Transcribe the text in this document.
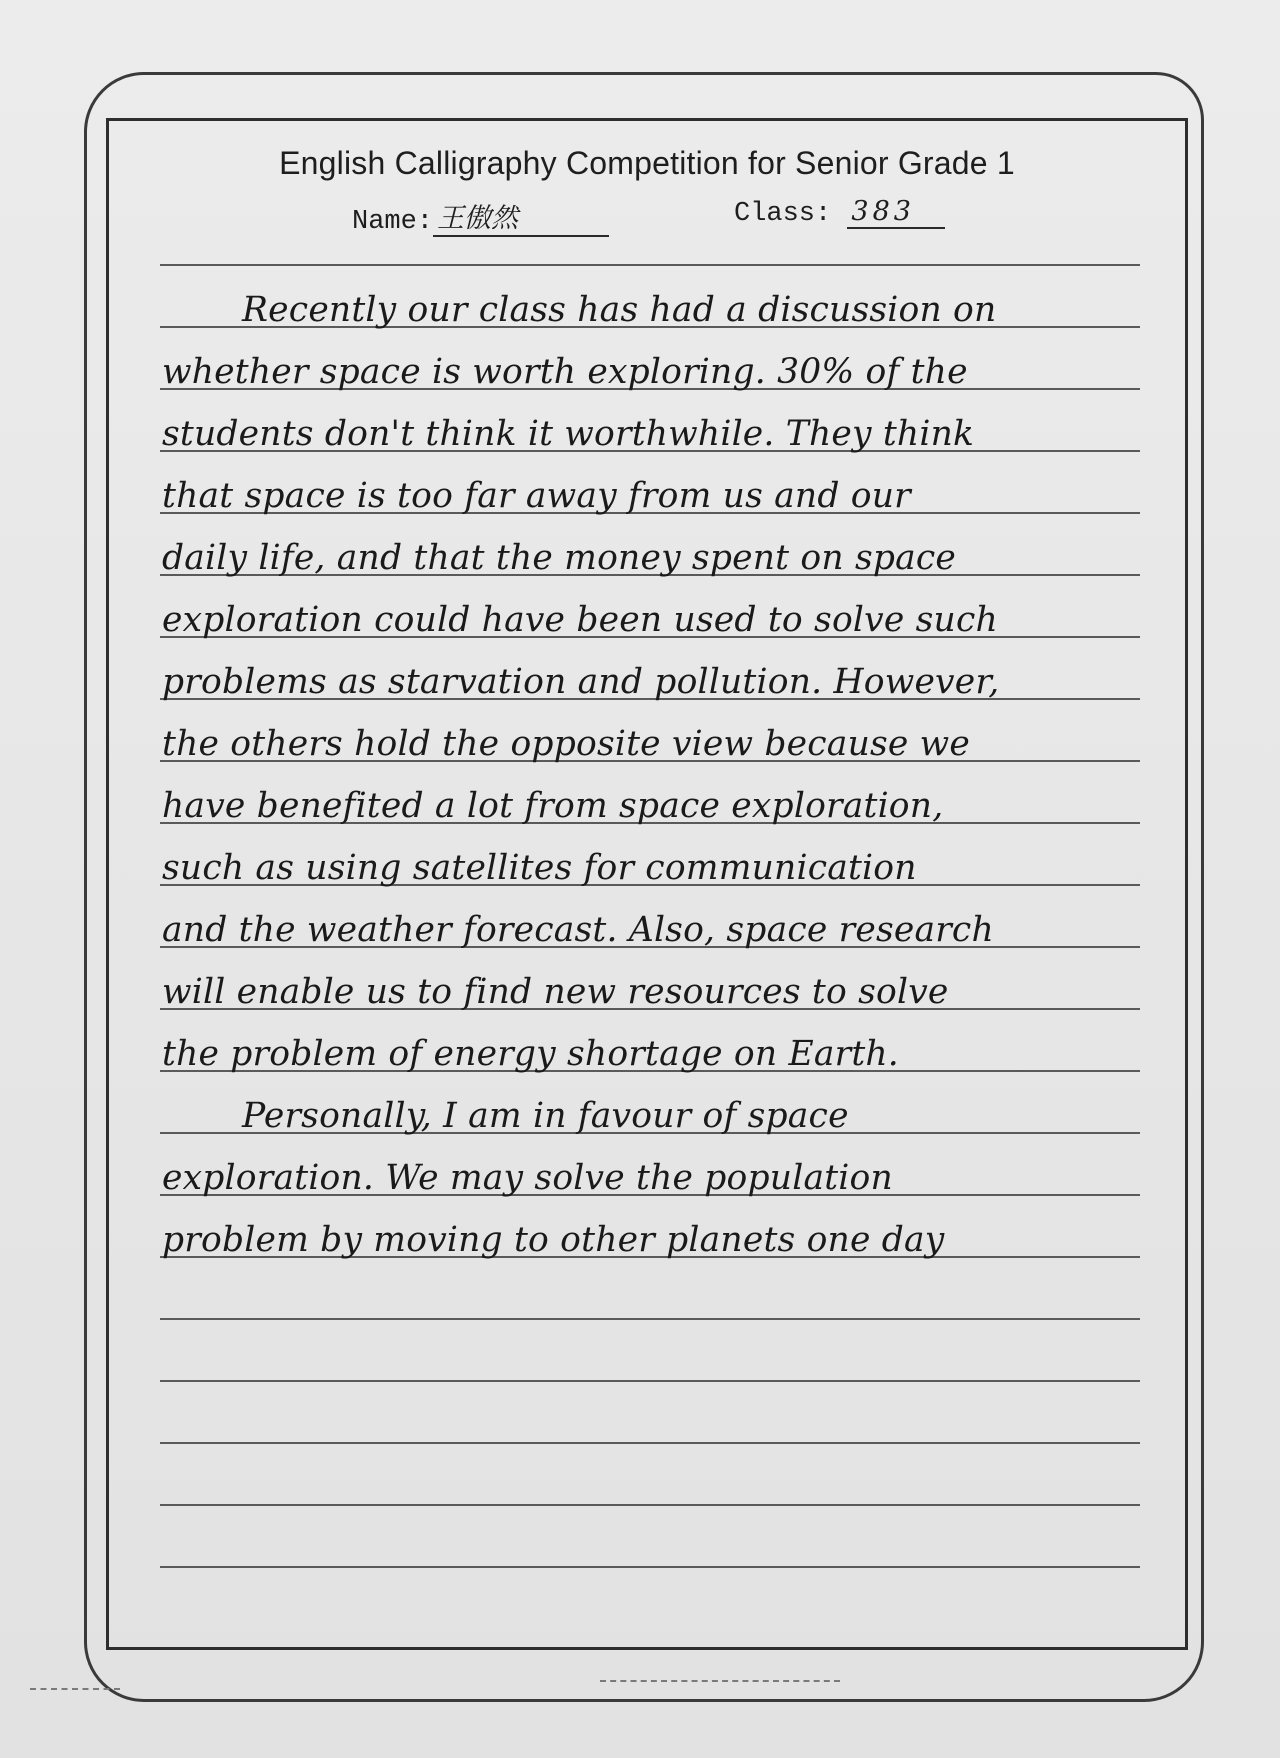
English Calligraphy Competition for Senior Grade 1
Name: 王傲然	Class: 383
Recently our class has had a discussion on
whether space is worth exploring. 30% of the
students don't think it worthwhile. They think
that space is too far away from us and our
daily life, and that the money spent on space
exploration could have been used to solve such
problems as starvation and pollution. However,
the others hold the opposite view because we
have benefited a lot from space exploration,
such as using satellites for communication
and the weather forecast. Also, space research
will enable us to find new resources to solve
the problem of energy shortage on Earth.
Personally, I am in favour of space
exploration. We may solve the population
problem by moving to other planets one day
